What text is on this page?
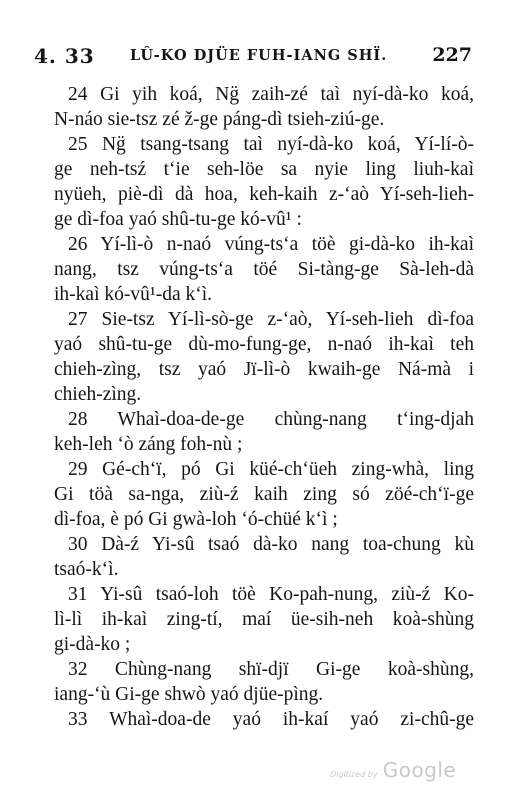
4. 33 LÛ-KO DJÜE FUH-IANG SHÏ. 227
24 Gi yih koá, Ng̈ zaih-zé taì nyí-dà-ko koá,
N-náo sie-tsz zé ž-ge páng-dì tsieh-ziú-ge.
25 Ng̈ tsang-tsang taì nyí-dà-ko koá, Yí-lí-ò-
ge neh-tsź t‘ie seh-löe sa nyie ling liuh-kaì
nyüeh, piè-dì dà hoa, keh-kaih z-‘aò Yí-seh-lieh-
ge dì-foa yaó shû-tu-ge kó-vû¹ :
26 Yí-lì-ò n-naó vúng-ts‘a töè gi-dà-ko ih-kaì
nang, tsz vúng-ts‘a töé Si-tàng-ge Sà-leh-dà
ih-kaì kó-vû¹-da k‘ì.
27 Sie-tsz Yí-lì-sò-ge z-‘aò, Yí-seh-lieh dì-foa
yaó shû-tu-ge dù-mo-fung-ge, n-naó ih-kaì teh
chieh-zìng, tsz yaó Jï-lì-ò kwaih-ge Ná-mà i
chieh-zìng.
28 Whaì-doa-de-ge chùng-nang t‘ing-djah
keh-leh ‘ò záng foh-nù ;
29 Gé-ch‘ï, pó Gi küé-ch‘üeh zing-whà, ling
Gi töà sa-nga, ziù-ź kaih zing só zöé-ch‘ï-ge
dì-foa, è pó Gi gwà-loh ‘ó-chüé k‘ì ;
30 Dà-ź Yi-sû tsaó dà-ko nang toa-chung kù
tsaó-k‘ì.
31 Yi-sû tsaó-loh töè Ko-pah-nung, ziù-ź Ko-
lì-lì ih-kaì zing-tí, maí üe-sih-neh koà-shùng
gi-dà-ko ;
32 Chùng-nang shï-djï Gi-ge koà-shùng,
iang-‘ù Gi-ge shwò yaó djüe-pìng.
33 Whaì-doa-de yaó ih-kaí yaó zi-chû-ge
Digitized by Google
